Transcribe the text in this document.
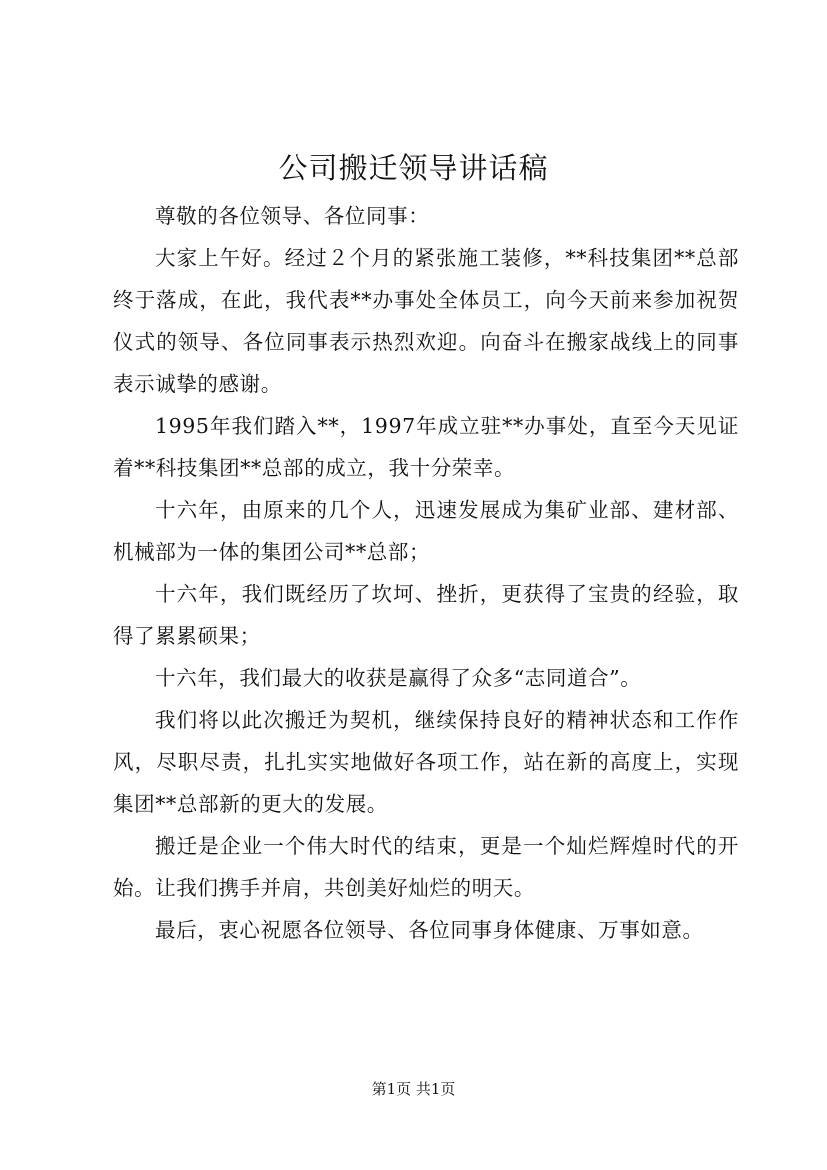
公司搬迁领导讲话稿

尊敬的各位领导、各位同事：

大家上午好。经过２个月的紧张施工装修，**科技集团**总部终于落成，在此，我代表**办事处全体员工，向今天前来参加祝贺仪式的领导、各位同事表示热烈欢迎。向奋斗在搬家战线上的同事表示诚挚的感谢。

1995年我们踏入**，1997年成立驻**办事处，直至今天见证着**科技集团**总部的成立，我十分荣幸。

十六年，由原来的几个人，迅速发展成为集矿业部、建材部、机械部为一体的集团公司**总部；

十六年，我们既经历了坎坷、挫折，更获得了宝贵的经验，取得了累累硕果；

十六年，我们最大的收获是赢得了众多“志同道合”。

我们将以此次搬迁为契机，继续保持良好的精神状态和工作作风，尽职尽责，扎扎实实地做好各项工作，站在新的高度上，实现集团**总部新的更大的发展。

搬迁是企业一个伟大时代的结束，更是一个灿烂辉煌时代的开始。让我们携手并肩，共创美好灿烂的明天。

最后，衷心祝愿各位领导、各位同事身体健康、万事如意。

第1页 共1页
